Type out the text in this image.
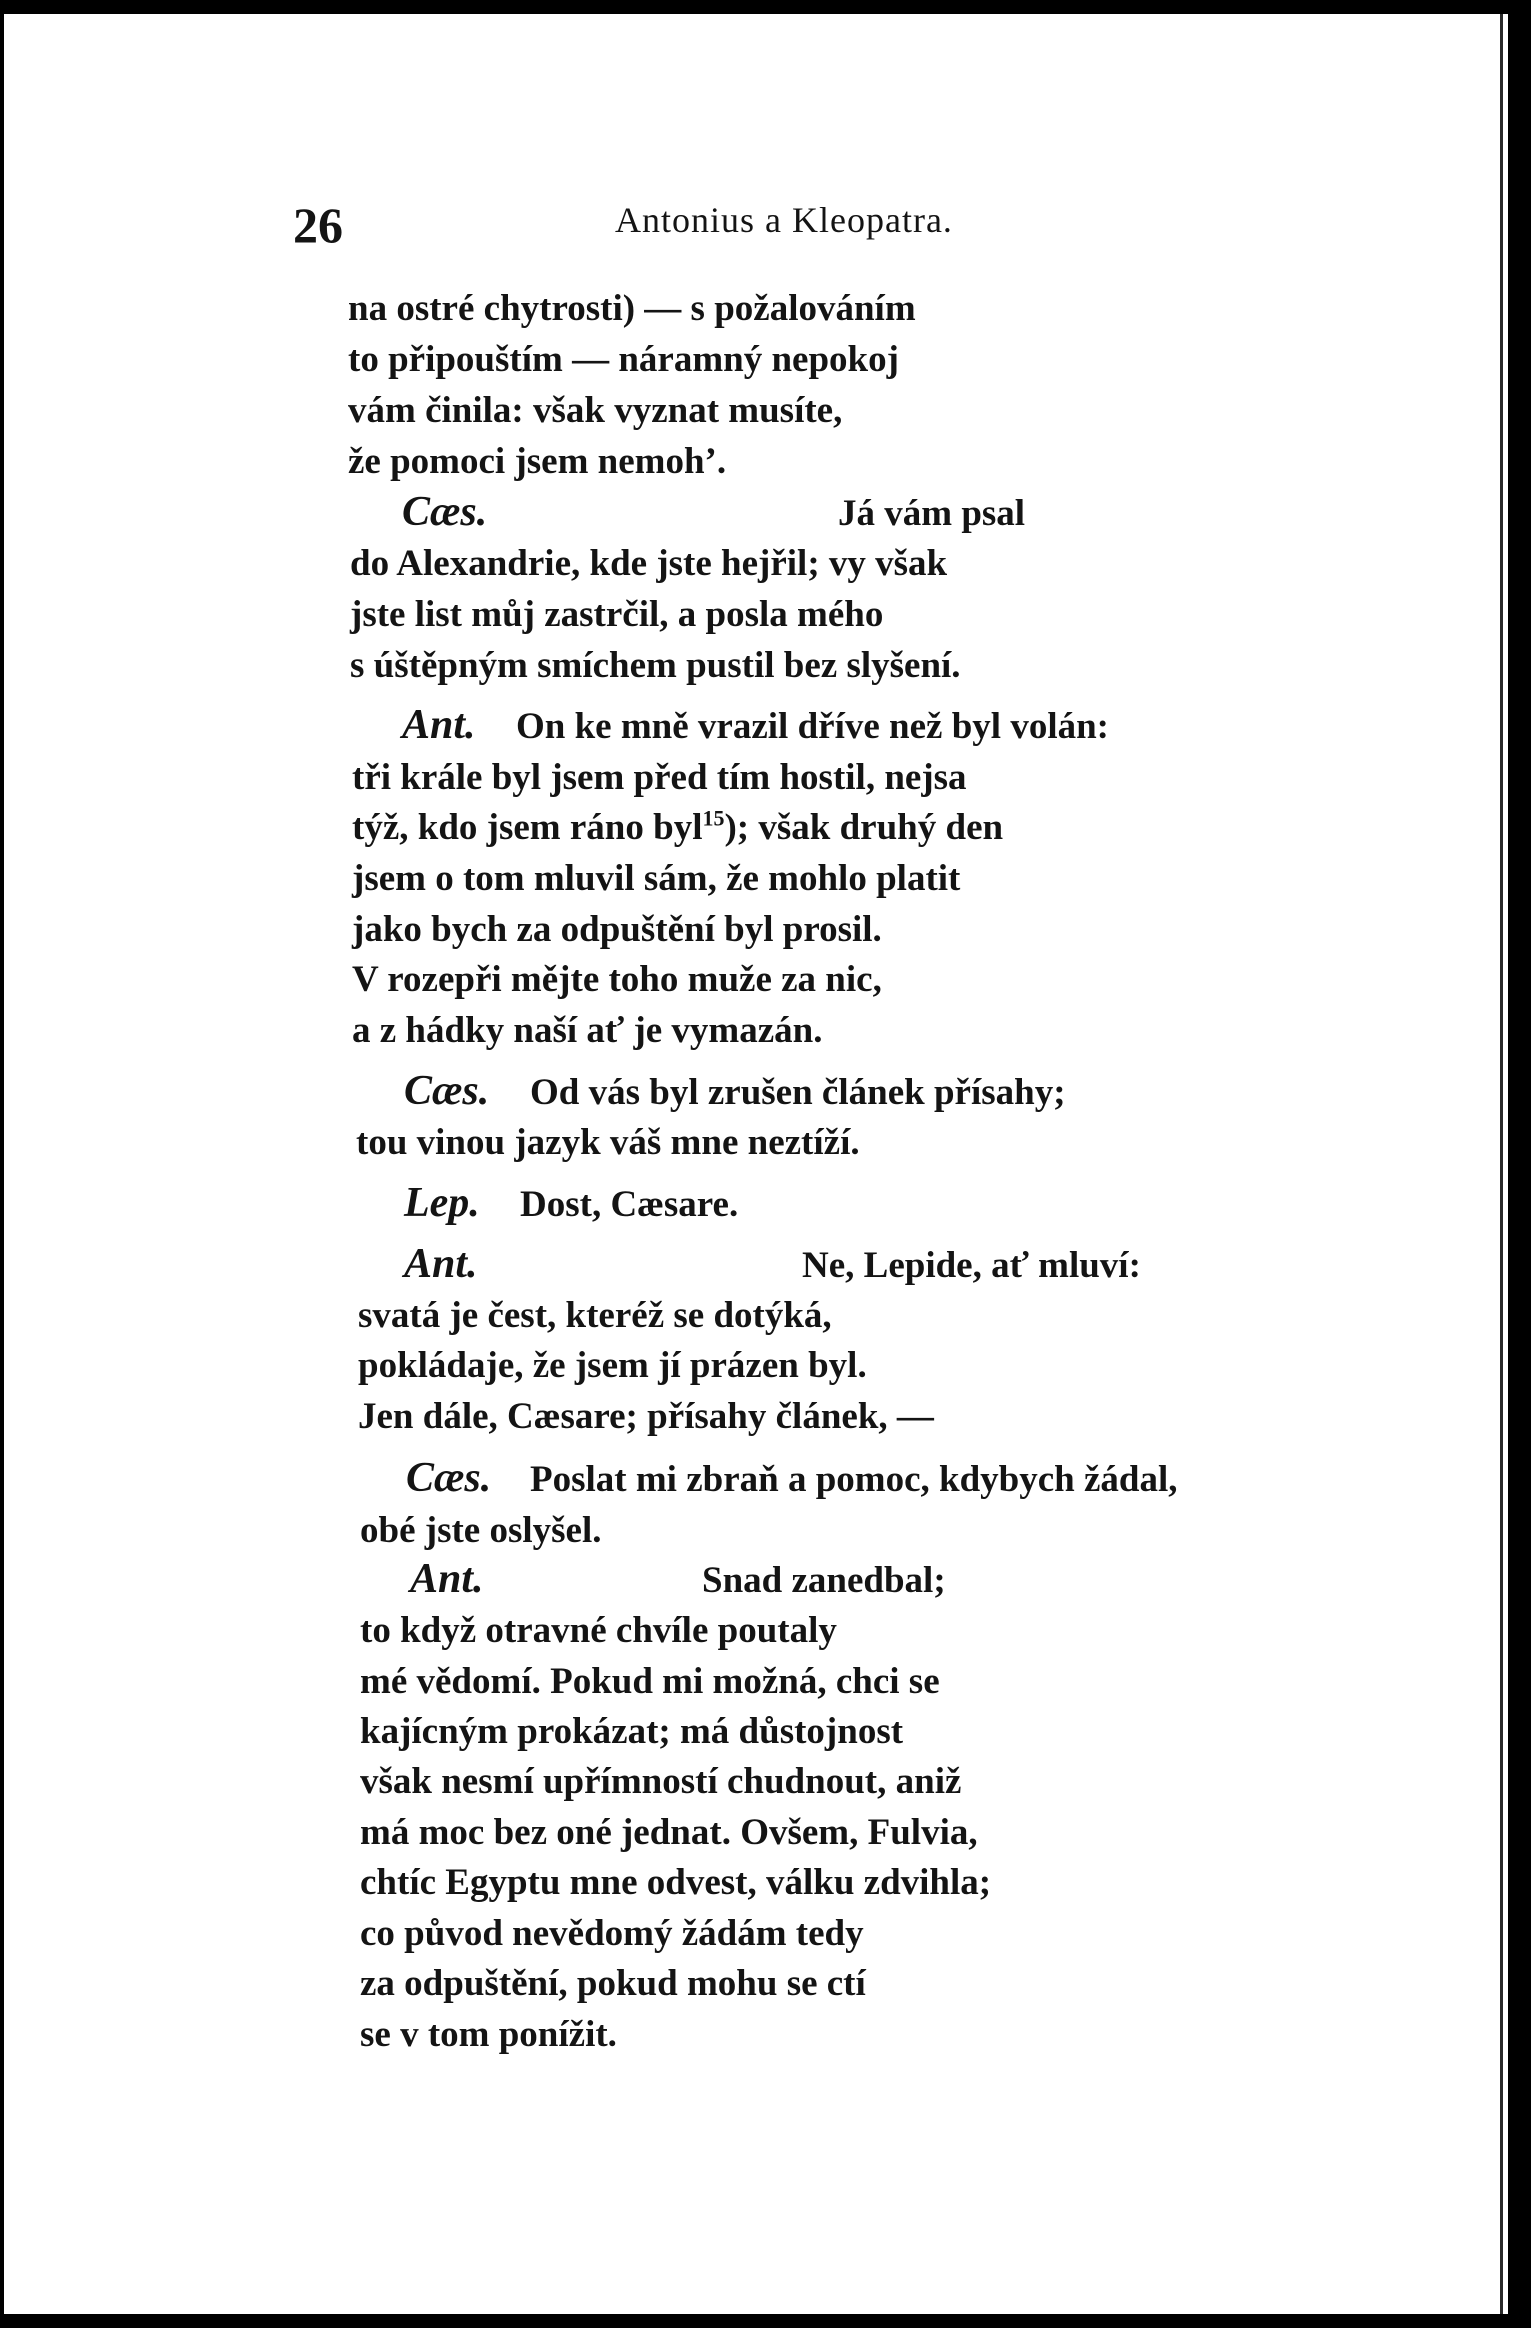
26	Antonius a Kleopatra.
na ostré chytrosti) — s požalováním
to připouštím — náramný nepokoj
vám činila: však vyznat musíte,
že pomoci jsem nemoh’.
Cæs.	Já vám psal
do Alexandrie, kde jste hejřil; vy však
jste list můj zastrčil, a posla mého
s úštěpným smíchem pustil bez slyšení.
Ant. On ke mně vrazil dříve než byl volán:
tři krále byl jsem před tím hostil, nejsa
týž, kdo jsem ráno byl$^{15}$); však druhý den
jsem o tom mluvil sám, že mohlo platit
jako bych za odpuštění byl prosil.
V rozepři mějte toho muže za nic,
a z hádky naší ať je vymazán.
Cæs. Od vás byl zrušen článek přísahy;
tou vinou jazyk váš mne neztíží.
Lep. Dost, Cæsare.
Ant.	Ne, Lepide, ať mluví:
svatá je čest, kteréž se dotýká,
pokládaje, že jsem jí prázen byl.
Jen dále, Cæsare; přísahy článek, —
Cæs. Poslat mi zbraň a pomoc, kdybych žádal,
obé jste oslyšel.
Ant.	Snad zanedbal;
to když otravné chvíle poutaly
mé vědomí. Pokud mi možná, chci se
kajícným prokázat; má důstojnost
však nesmí upřímností chudnout, aniž
má moc bez oné jednat. Ovšem, Fulvia,
chtíc Egyptu mne odvest, válku zdvihla;
co původ nevědomý žádám tedy
za odpuštění, pokud mohu se ctí
se v tom ponížit.
